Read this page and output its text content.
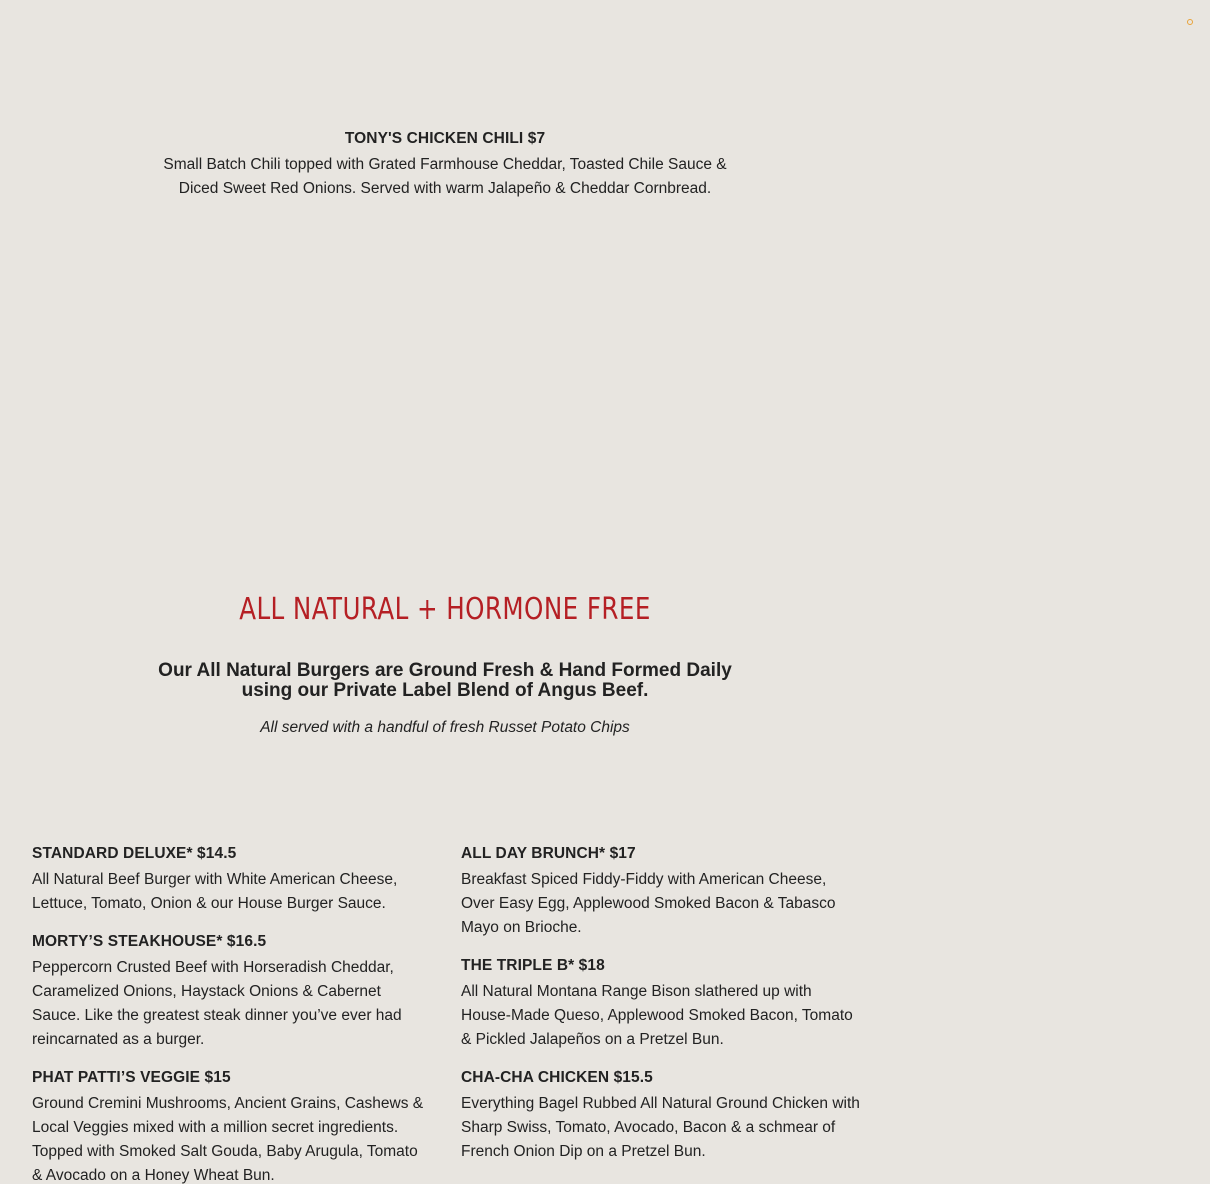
TONY'S CHICKEN CHILI $7
Small Batch Chili topped with Grated Farmhouse Cheddar, Toasted Chile Sauce &
Diced Sweet Red Onions. Served with warm Jalapeño & Cheddar Cornbread.
ALL NATURAL + HORMONE FREE
Our All Natural Burgers are Ground Fresh & Hand Formed Daily
using our Private Label Blend of Angus Beef.
All served with a handful of fresh Russet Potato Chips
STANDARD DELUXE* $14.5
All Natural Beef Burger with White American Cheese, Lettuce, Tomato, Onion & our House Burger Sauce.
MORTY’S STEAKHOUSE* $16.5
Peppercorn Crusted Beef with Horseradish Cheddar, Caramelized Onions, Haystack Onions & Cabernet Sauce. Like the greatest steak dinner you’ve ever had reincarnated as a burger.
PHAT PATTI’S VEGGIE $15
Ground Cremini Mushrooms, Ancient Grains, Cashews & Local Veggies mixed with a million secret ingredients. Topped with Smoked Salt Gouda, Baby Arugula, Tomato & Avocado on a Honey Wheat Bun.
ALL DAY BRUNCH* $17
Breakfast Spiced Fiddy-Fiddy with American Cheese, Over Easy Egg, Applewood Smoked Bacon & Tabasco Mayo on Brioche.
THE TRIPLE B* $18
All Natural Montana Range Bison slathered up with House-Made Queso, Applewood Smoked Bacon, Tomato & Pickled Jalapeños on a Pretzel Bun.
CHA-CHA CHICKEN $15.5
Everything Bagel Rubbed All Natural Ground Chicken with Sharp Swiss, Tomato, Avocado, Bacon & a schmear of French Onion Dip on a Pretzel Bun.
